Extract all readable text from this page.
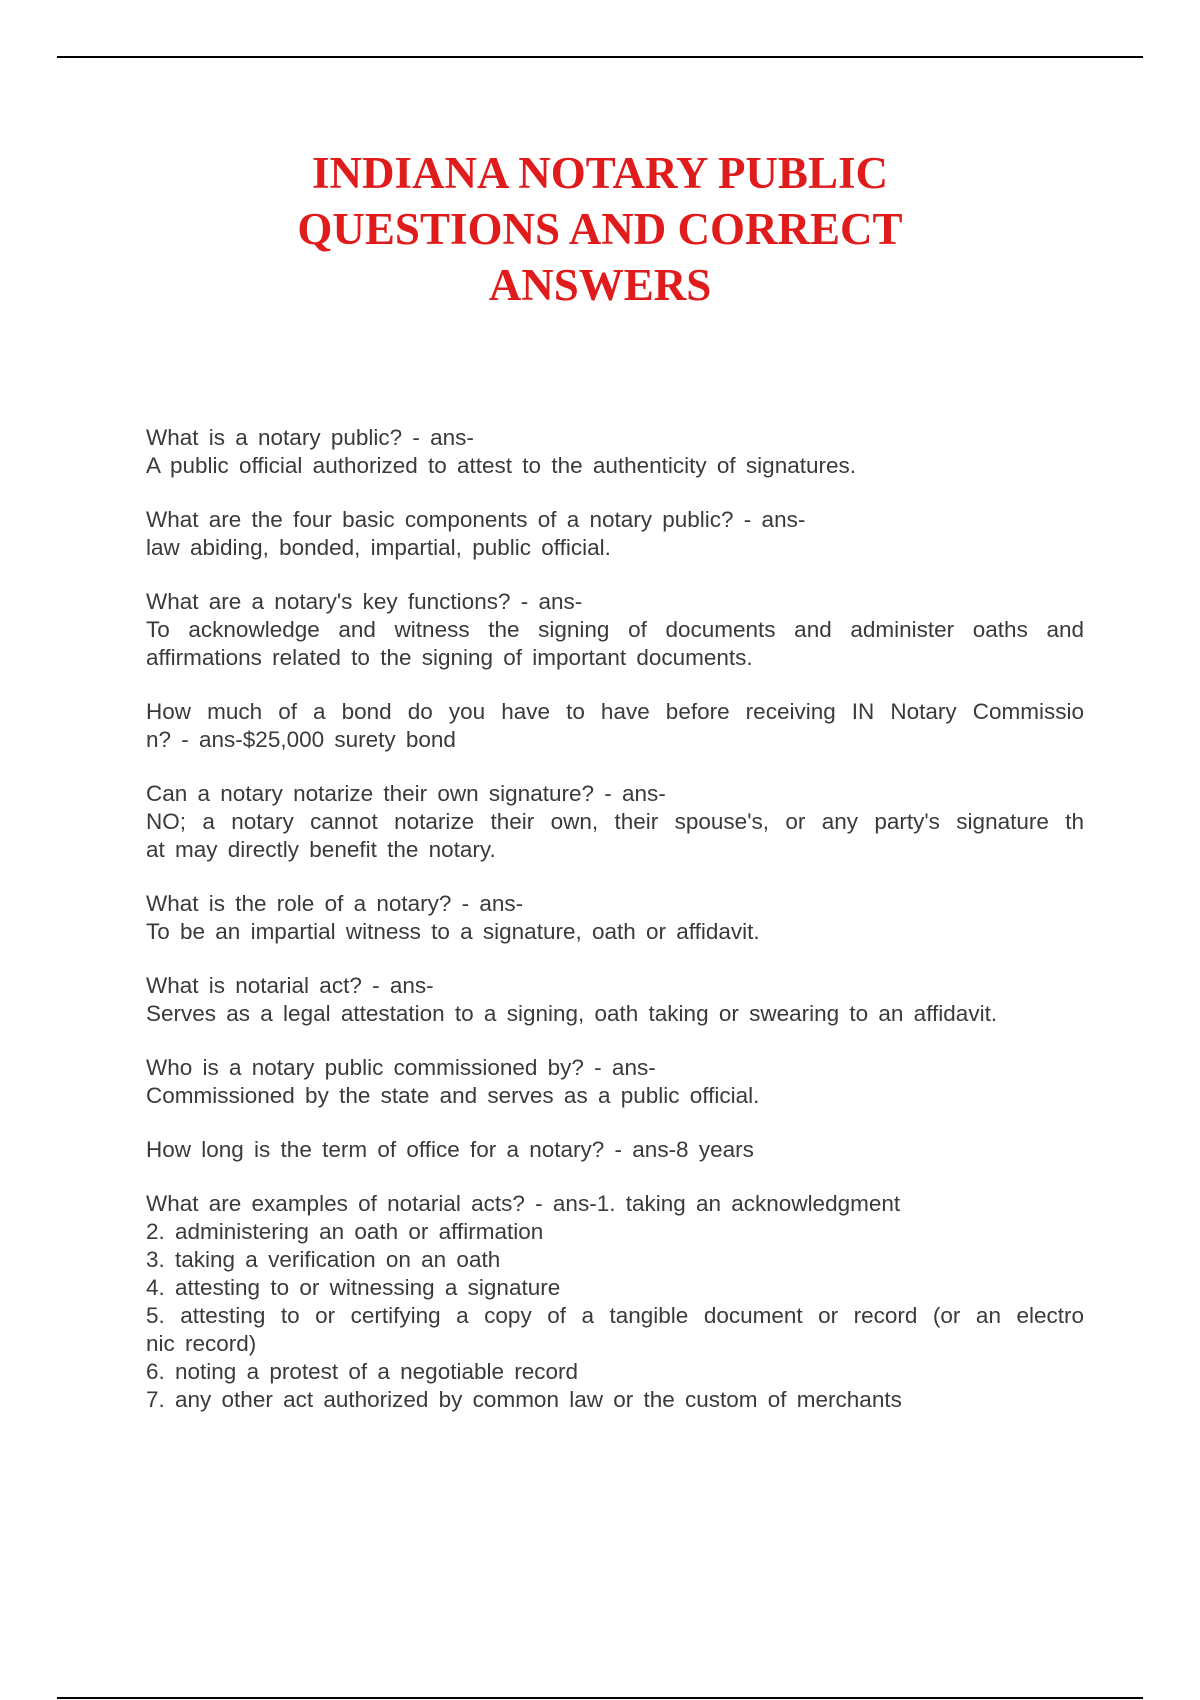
INDIANA NOTARY PUBLIC
QUESTIONS AND CORRECT
ANSWERS
What is a notary public? - ans-
A public official authorized to attest to the authenticity of signatures.
What are the four basic components of a notary public? - ans-
law abiding, bonded, impartial, public official.
What are a notary's key functions? - ans-
To acknowledge and witness the signing of documents and administer oaths and
affirmations related to the signing of important documents.
How much of a bond do you have to have before receiving IN Notary Commissio
n? - ans-$25,000 surety bond
Can a notary notarize their own signature? - ans-
NO; a notary cannot notarize their own, their spouse's, or any party's signature th
at may directly benefit the notary.
What is the role of a notary? - ans-
To be an impartial witness to a signature, oath or affidavit.
What is notarial act? - ans-
Serves as a legal attestation to a signing, oath taking or swearing to an affidavit.
Who is a notary public commissioned by? - ans-
Commissioned by the state and serves as a public official.
How long is the term of office for a notary? - ans-8 years
What are examples of notarial acts? - ans-1. taking an acknowledgment
2. administering an oath or affirmation
3. taking a verification on an oath
4. attesting to or witnessing a signature
5. attesting to or certifying a copy of a tangible document or record (or an electro
nic record)
6. noting a protest of a negotiable record
7. any other act authorized by common law or the custom of merchants
